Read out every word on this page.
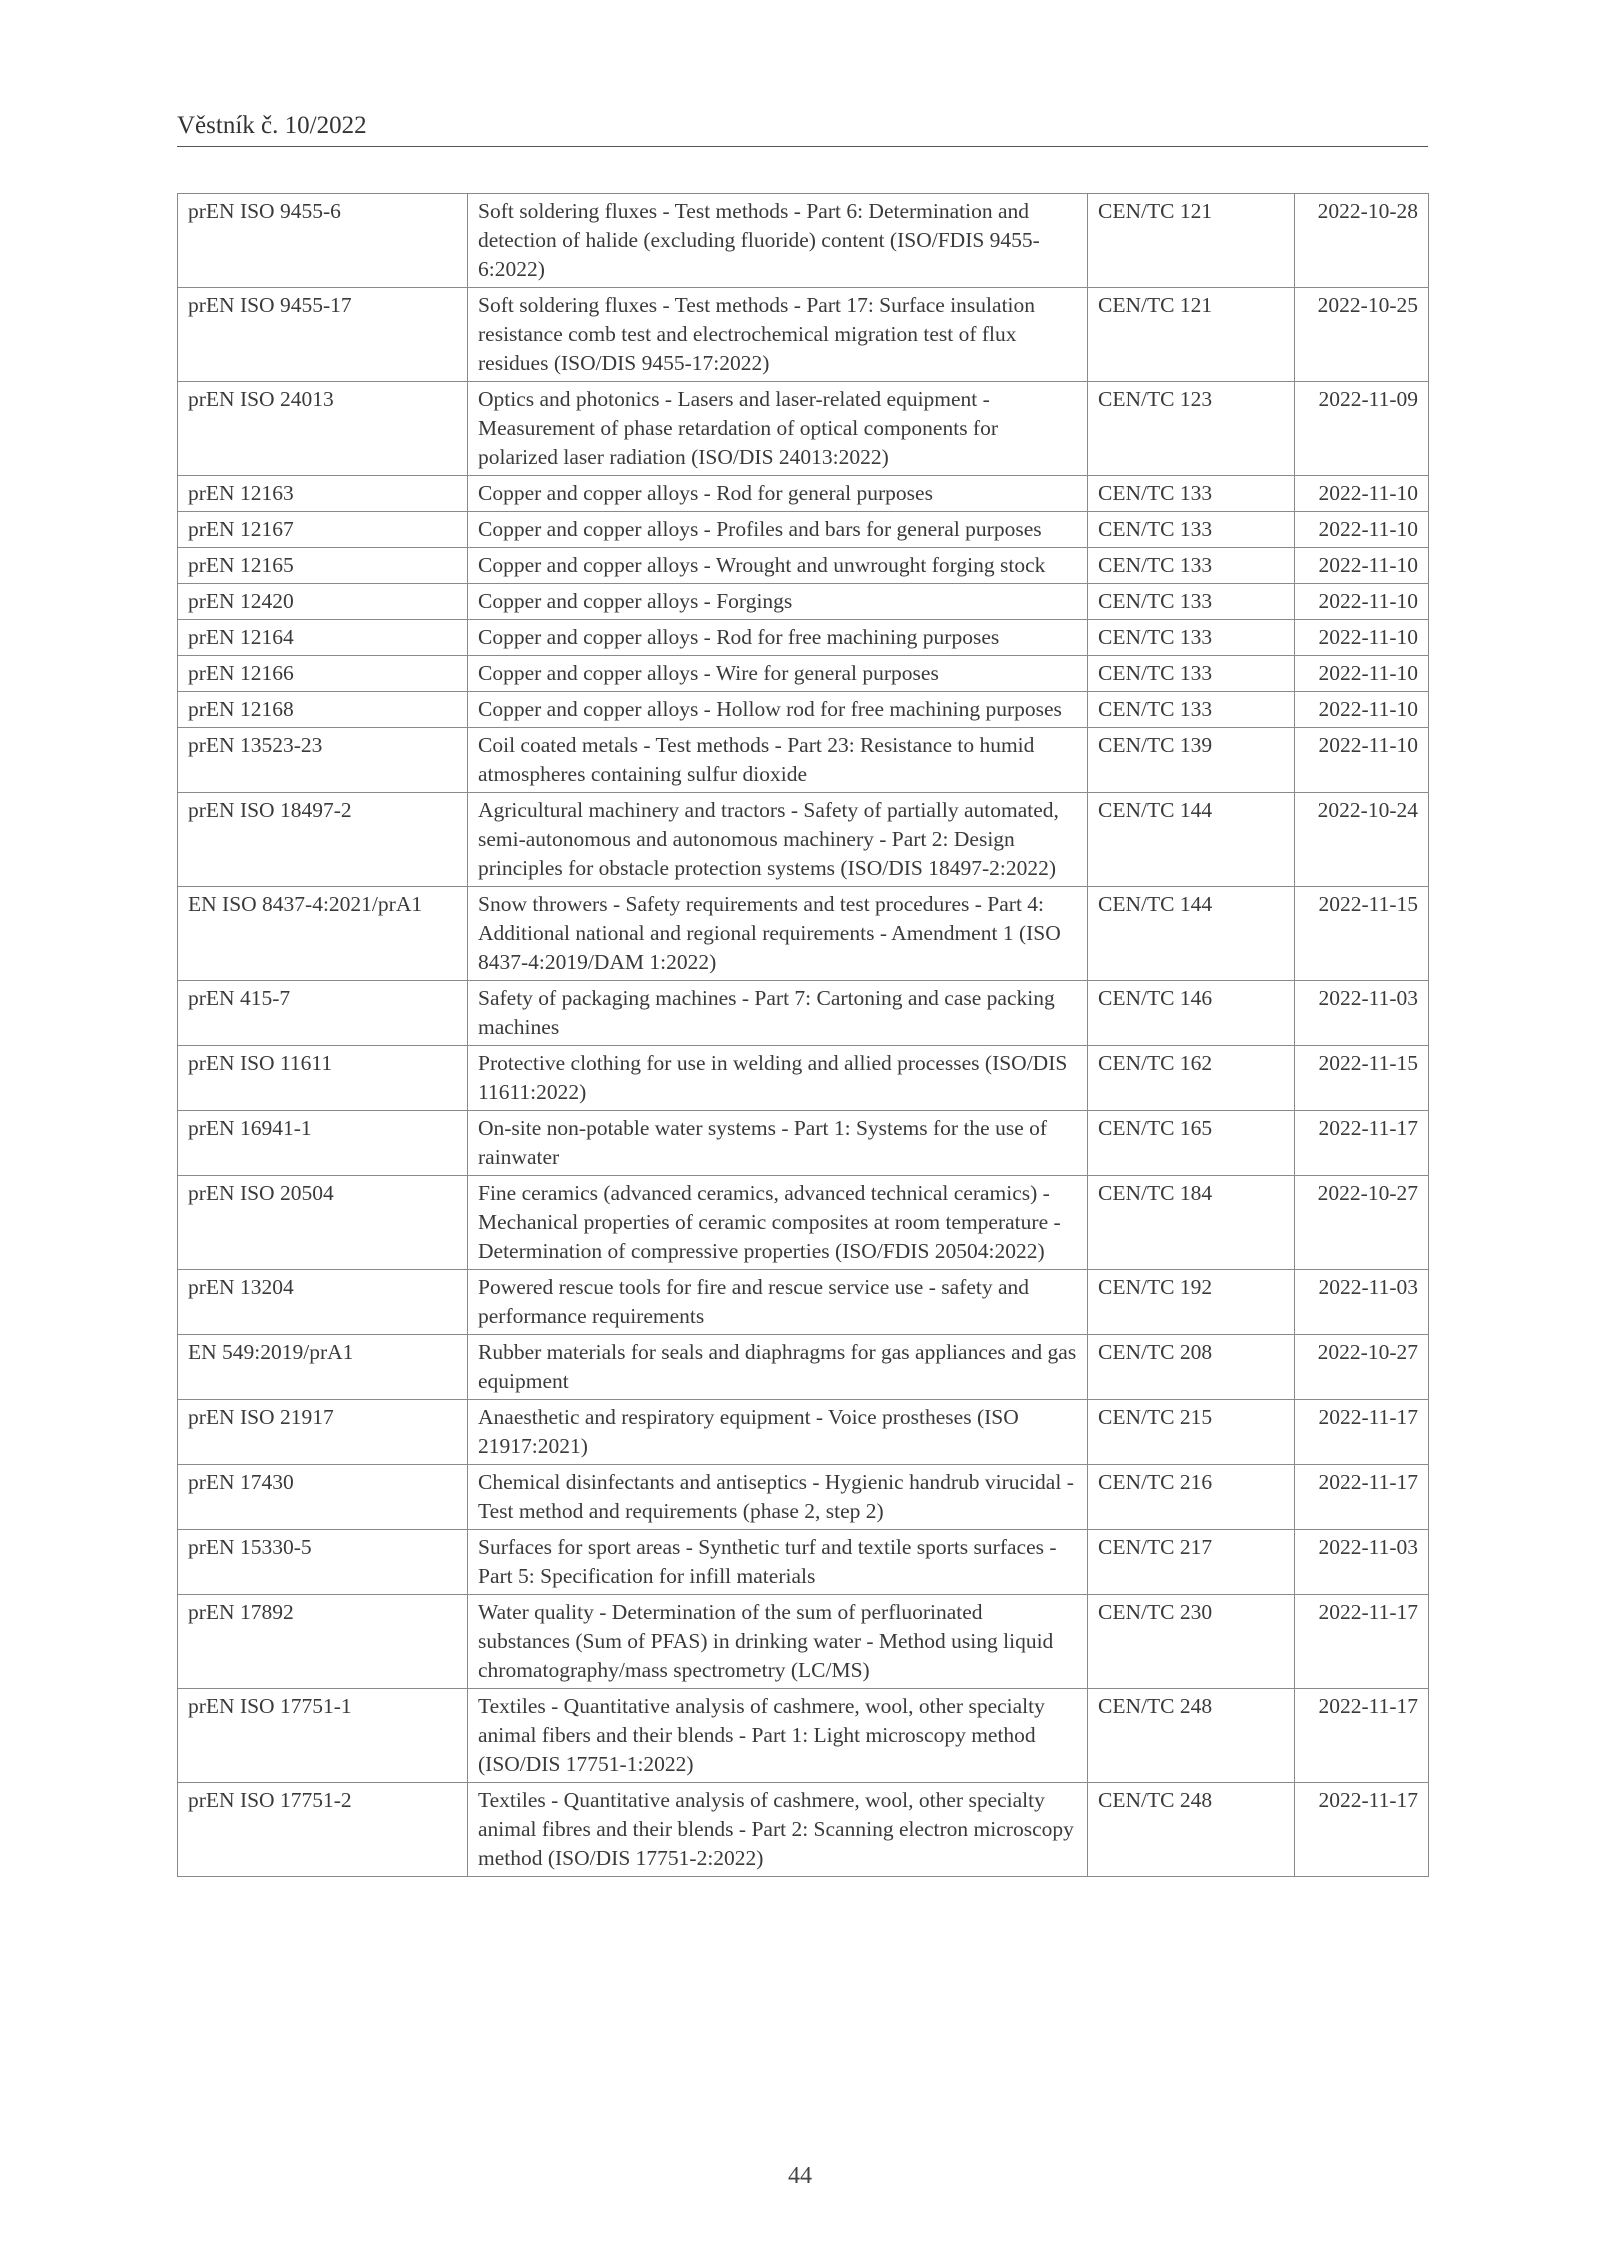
Věstník č. 10/2022
prEN ISO 9455-6	Soft soldering fluxes - Test methods - Part 6: Determination and detection of halide (excluding fluoride) content (ISO/FDIS 9455-6:2022)	CEN/TC 121	2022-10-28
prEN ISO 9455-17	Soft soldering fluxes - Test methods - Part 17: Surface insulation resistance comb test and electrochemical migration test of flux residues (ISO/DIS 9455-17:2022)	CEN/TC 121	2022-10-25
prEN ISO 24013	Optics and photonics - Lasers and laser-related equipment - Measurement of phase retardation of optical components for polarized laser radiation (ISO/DIS 24013:2022)	CEN/TC 123	2022-11-09
prEN 12163	Copper and copper alloys - Rod for general purposes	CEN/TC 133	2022-11-10
prEN 12167	Copper and copper alloys - Profiles and bars for general purposes	CEN/TC 133	2022-11-10
prEN 12165	Copper and copper alloys - Wrought and unwrought forging stock	CEN/TC 133	2022-11-10
prEN 12420	Copper and copper alloys - Forgings	CEN/TC 133	2022-11-10
prEN 12164	Copper and copper alloys - Rod for free machining purposes	CEN/TC 133	2022-11-10
prEN 12166	Copper and copper alloys - Wire for general purposes	CEN/TC 133	2022-11-10
prEN 12168	Copper and copper alloys - Hollow rod for free machining purposes	CEN/TC 133	2022-11-10
prEN 13523-23	Coil coated metals - Test methods - Part 23: Resistance to humid atmospheres containing sulfur dioxide	CEN/TC 139	2022-11-10
prEN ISO 18497-2	Agricultural machinery and tractors - Safety of partially automated, semi-autonomous and autonomous machinery - Part 2: Design principles for obstacle protection systems (ISO/DIS 18497-2:2022)	CEN/TC 144	2022-10-24
EN ISO 8437-4:2021/prA1	Snow throwers - Safety requirements and test procedures - Part 4: Additional national and regional requirements - Amendment 1 (ISO 8437-4:2019/DAM 1:2022)	CEN/TC 144	2022-11-15
prEN 415-7	Safety of packaging machines - Part 7: Cartoning and case packing machines	CEN/TC 146	2022-11-03
prEN ISO 11611	Protective clothing for use in welding and allied processes (ISO/DIS 11611:2022)	CEN/TC 162	2022-11-15
prEN 16941-1	On-site non-potable water systems - Part 1: Systems for the use of rainwater	CEN/TC 165	2022-11-17
prEN ISO 20504	Fine ceramics (advanced ceramics, advanced technical ceramics) - Mechanical properties of ceramic composites at room temperature - Determination of compressive properties (ISO/FDIS 20504:2022)	CEN/TC 184	2022-10-27
prEN 13204	Powered rescue tools for fire and rescue service use - safety and performance requirements	CEN/TC 192	2022-11-03
EN 549:2019/prA1	Rubber materials for seals and diaphragms for gas appliances and gas equipment	CEN/TC 208	2022-10-27
prEN ISO 21917	Anaesthetic and respiratory equipment - Voice prostheses (ISO 21917:2021)	CEN/TC 215	2022-11-17
prEN 17430	Chemical disinfectants and antiseptics - Hygienic handrub virucidal - Test method and requirements (phase 2, step 2)	CEN/TC 216	2022-11-17
prEN 15330-5	Surfaces for sport areas - Synthetic turf and textile sports surfaces - Part 5: Specification for infill materials	CEN/TC 217	2022-11-03
prEN 17892	Water quality - Determination of the sum of perfluorinated substances (Sum of PFAS) in drinking water - Method using liquid chromatography/mass spectrometry (LC/MS)	CEN/TC 230	2022-11-17
prEN ISO 17751-1	Textiles - Quantitative analysis of cashmere, wool, other specialty animal fibers and their blends - Part 1: Light microscopy method (ISO/DIS 17751-1:2022)	CEN/TC 248	2022-11-17
prEN ISO 17751-2	Textiles - Quantitative analysis of cashmere, wool, other specialty animal fibres and their blends - Part 2: Scanning electron microscopy method (ISO/DIS 17751-2:2022)	CEN/TC 248	2022-11-17
44
